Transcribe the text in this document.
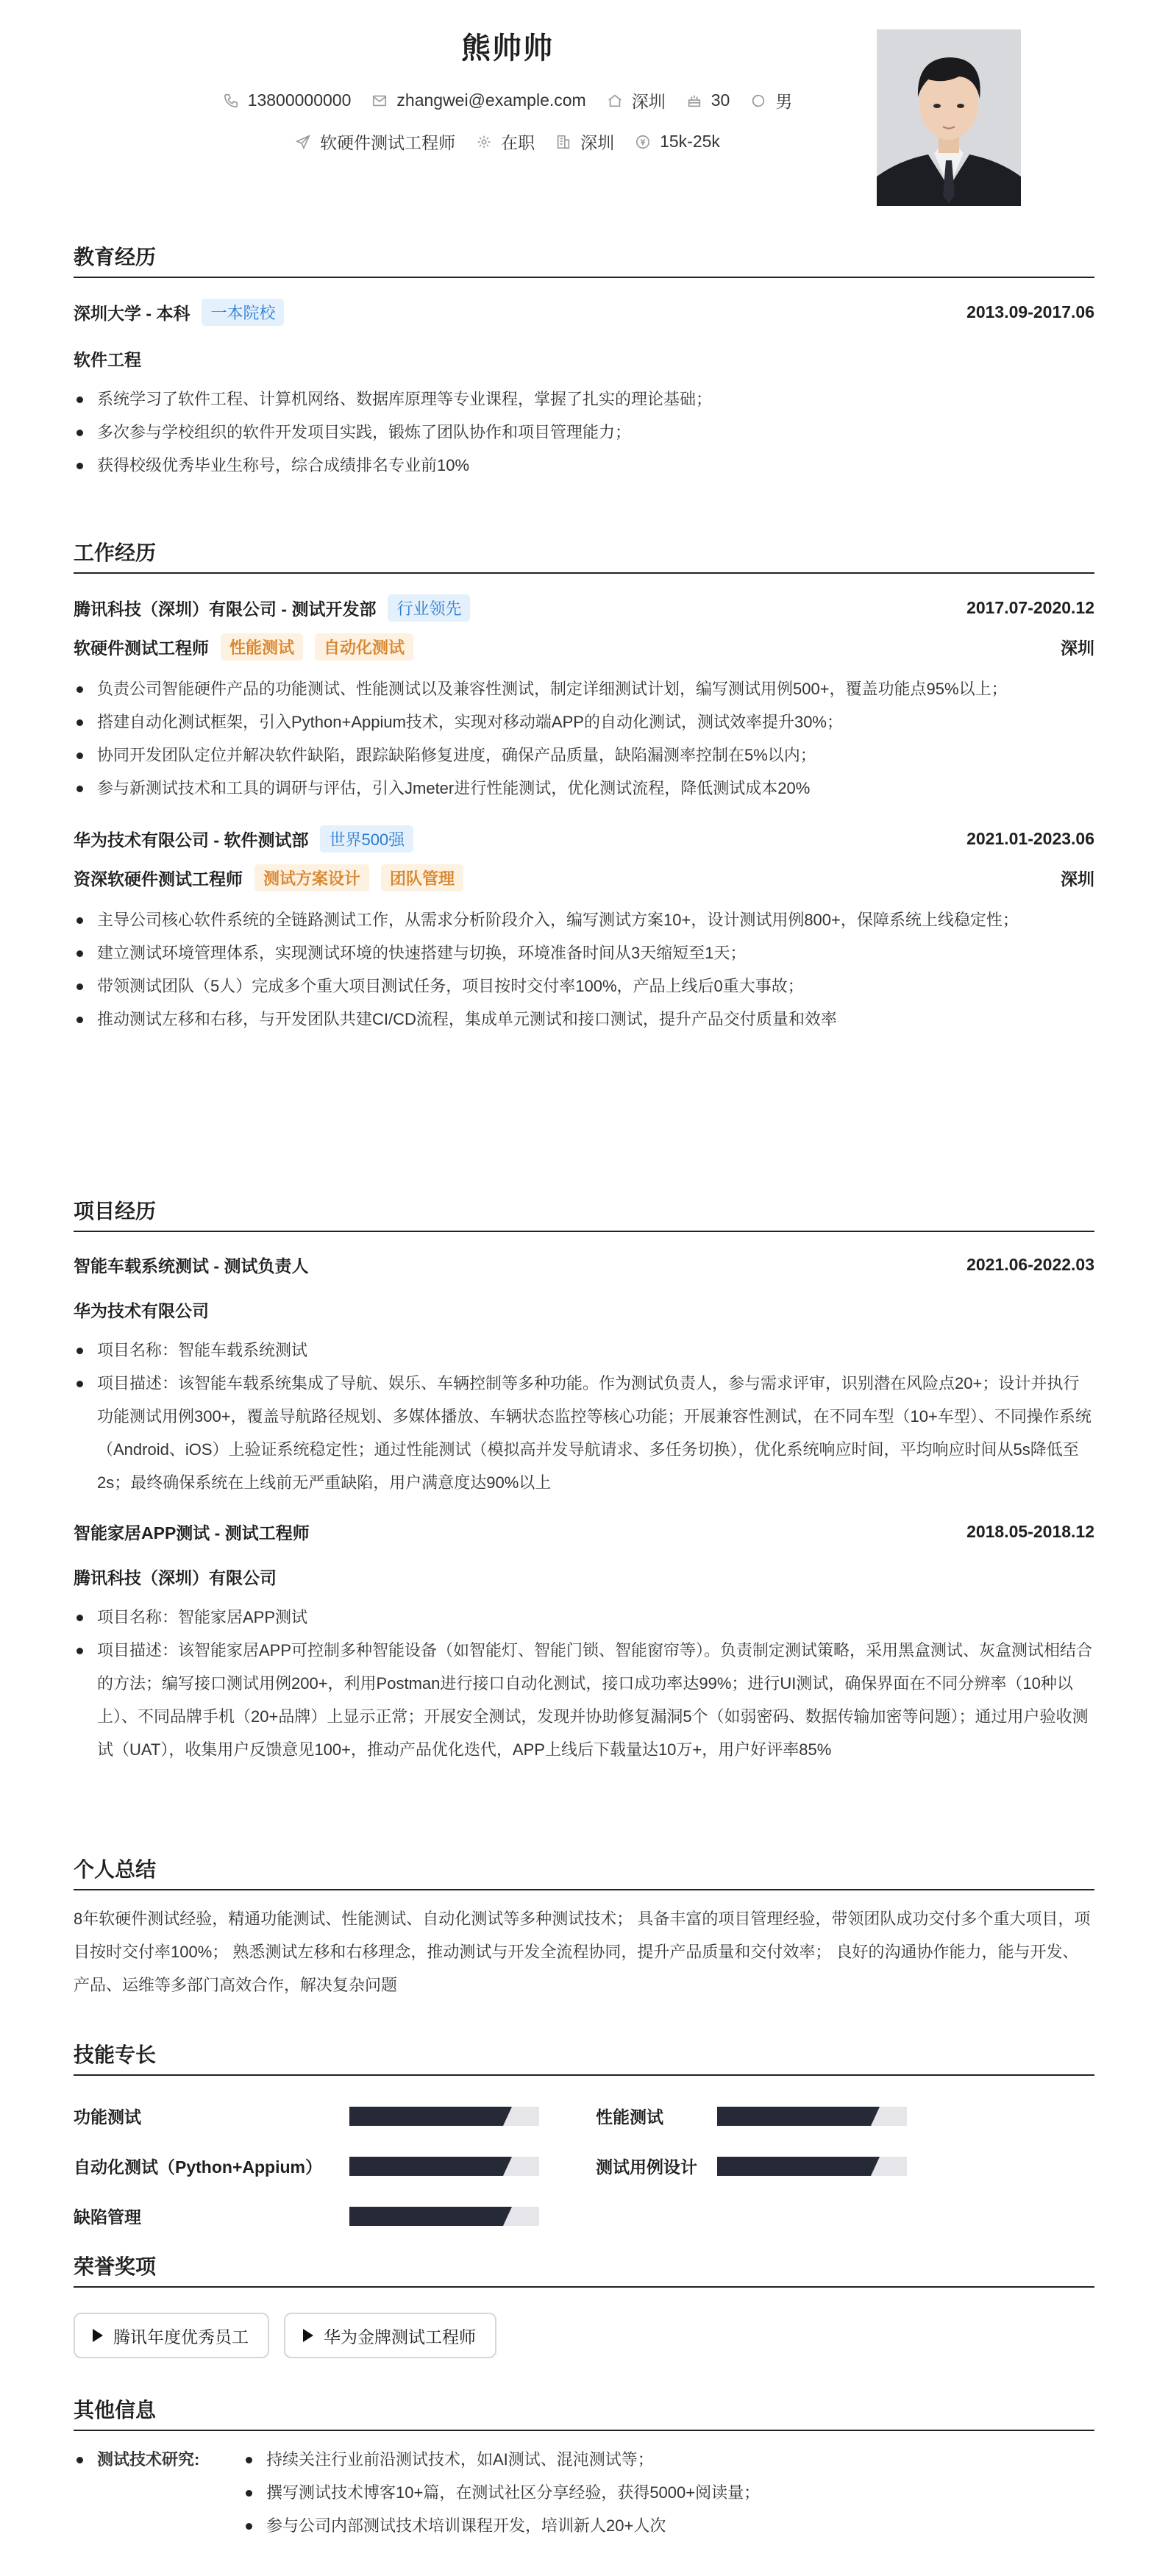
熊帅帅
13800000000	zhangwei@example.com	深圳	30	男
软硬件测试工程师	在职	深圳	15k-25k
教育经历
深圳大学 - 本科	一本院校	2013.09-2017.06
软件工程
系统学习了软件工程、计算机网络、数据库原理等专业课程，掌握了扎实的理论基础；
多次参与学校组织的软件开发项目实践，锻炼了团队协作和项目管理能力；
获得校级优秀毕业生称号，综合成绩排名专业前10%
工作经历
腾讯科技（深圳）有限公司 - 测试开发部	行业领先	2017.07-2020.12
软硬件测试工程师	性能测试	自动化测试	深圳
负责公司智能硬件产品的功能测试、性能测试以及兼容性测试，制定详细测试计划，编写测试用例500+，覆盖功能点95%以上；
搭建自动化测试框架，引入Python+Appium技术，实现对移动端APP的自动化测试，测试效率提升30%；
协同开发团队定位并解决软件缺陷，跟踪缺陷修复进度，确保产品质量，缺陷漏测率控制在5%以内；
参与新测试技术和工具的调研与评估，引入Jmeter进行性能测试，优化测试流程，降低测试成本20%
华为技术有限公司 - 软件测试部	世界500强	2021.01-2023.06
资深软硬件测试工程师	测试方案设计	团队管理	深圳
主导公司核心软件系统的全链路测试工作，从需求分析阶段介入，编写测试方案10+，设计测试用例800+，保障系统上线稳定性；
建立测试环境管理体系，实现测试环境的快速搭建与切换，环境准备时间从3天缩短至1天；
带领测试团队（5人）完成多个重大项目测试任务，项目按时交付率100%，产品上线后0重大事故；
推动测试左移和右移，与开发团队共建CI/CD流程，集成单元测试和接口测试，提升产品交付质量和效率
项目经历
智能车载系统测试 - 测试负责人	2021.06-2022.03
华为技术有限公司
项目名称：智能车载系统测试
项目描述：该智能车载系统集成了导航、娱乐、车辆控制等多种功能。作为测试负责人，参与需求评审，识别潜在风险点20+；设计并执行功能测试用例300+，覆盖导航路径规划、多媒体播放、车辆状态监控等核心功能；开展兼容性测试，在不同车型（10+车型）、不同操作系统（Android、iOS）上验证系统稳定性；通过性能测试（模拟高并发导航请求、多任务切换），优化系统响应时间，平均响应时间从5s降低至2s；最终确保系统在上线前无严重缺陷，用户满意度达90%以上
智能家居APP测试 - 测试工程师	2018.05-2018.12
腾讯科技（深圳）有限公司
项目名称：智能家居APP测试
项目描述：该智能家居APP可控制多种智能设备（如智能灯、智能门锁、智能窗帘等）。负责制定测试策略，采用黑盒测试、灰盒测试相结合的方法；编写接口测试用例200+，利用Postman进行接口自动化测试，接口成功率达99%；进行UI测试，确保界面在不同分辨率（10种以上）、不同品牌手机（20+品牌）上显示正常；开展安全测试，发现并协助修复漏洞5个（如弱密码、数据传输加密等问题）；通过用户验收测试（UAT），收集用户反馈意见100+，推动产品优化迭代，APP上线后下载量达10万+，用户好评率85%
个人总结
8年软硬件测试经验，精通功能测试、性能测试、自动化测试等多种测试技术； 具备丰富的项目管理经验，带领团队成功交付多个重大项目，项目按时交付率100%； 熟悉测试左移和右移理念，推动测试与开发全流程协同，提升产品质量和交付效率； 良好的沟通协作能力，能与开发、产品、运维等多部门高效合作，解决复杂问题
技能专长
功能测试	性能测试
自动化测试（Python+Appium）	测试用例设计
缺陷管理
荣誉奖项
腾讯年度优秀员工	华为金牌测试工程师
其他信息
测试技术研究:	持续关注行业前沿测试技术，如AI测试、混沌测试等；
撰写测试技术博客10+篇，在测试社区分享经验，获得5000+阅读量；
参与公司内部测试技术培训课程开发，培训新人20+人次
